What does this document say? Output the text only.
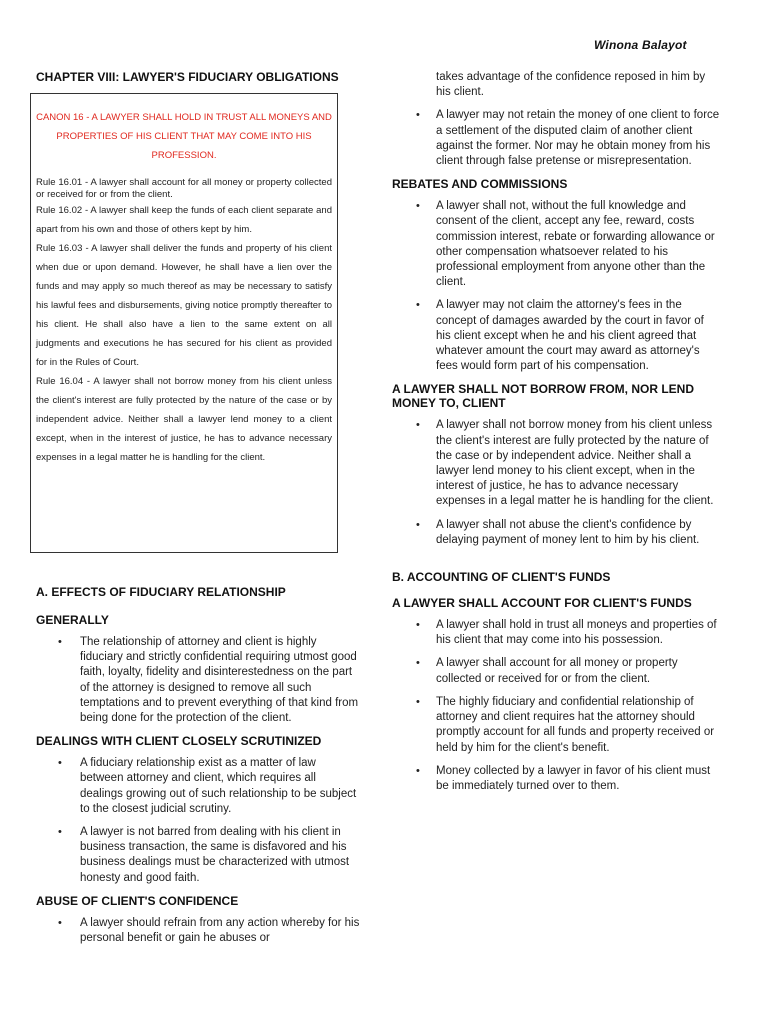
Winona Balayot
CHAPTER VIII: LAWYER'S FIDUCIARY OBLIGATIONS

CANON 16 - A LAWYER SHALL HOLD IN TRUST ALL MONEYS AND PROPERTIES OF HIS CLIENT THAT MAY COME INTO HIS PROFESSION.

Rule 16.01 - A lawyer shall account for all money or property collected or received for or from the client.

Rule 16.02 - A lawyer shall keep the funds of each client separate and apart from his own and those of others kept by him.

Rule 16.03 - A lawyer shall deliver the funds and property of his client when due or upon demand. However, he shall have a lien over the funds and may apply so much thereof as may be necessary to satisfy his lawful fees and disbursements, giving notice promptly thereafter to his client. He shall also have a lien to the same extent on all judgments and executions he has secured for his client as provided for in the Rules of Court.

Rule 16.04 - A lawyer shall not borrow money from his client unless the client's interest are fully protected by the nature of the case or by independent advice. Neither shall a lawyer lend money to a client except, when in the interest of justice, he has to advance necessary expenses in a legal matter he is handling for the client.

A. EFFECTS OF FIDUCIARY RELATIONSHIP
GENERALLY
• The relationship of attorney and client is highly fiduciary and strictly confidential requiring utmost good faith, loyalty, fidelity and disinterestedness on the part of the attorney is designed to remove all such temptations and to prevent everything of that kind from being done for the protection of the client.
DEALINGS WITH CLIENT CLOSELY SCRUTINIZED
• A fiduciary relationship exist as a matter of law between attorney and client, which requires all dealings growing out of such relationship to be subject to the closest judicial scrutiny.
• A lawyer is not barred from dealing with his client in business transaction, the same is disfavored and his business dealings must be characterized with utmost honesty and good faith.
ABUSE OF CLIENT'S CONFIDENCE
• A lawyer should refrain from any action whereby for his personal benefit or gain he abuses or
takes advantage of the confidence reposed in him by his client.
• A lawyer may not retain the money of one client to force a settlement of the disputed claim of another client against the former. Nor may he obtain money from his client through false pretense or misrepresentation.
REBATES AND COMMISSIONS
• A lawyer shall not, without the full knowledge and consent of the client, accept any fee, reward, costs commission interest, rebate or forwarding allowance or other compensation whatsoever related to his professional employment from anyone other than the client.
• A lawyer may not claim the attorney's fees in the concept of damages awarded by the court in favor of his client except when he and his client agreed that whatever amount the court may award as attorney's fees would form part of his compensation.
A LAWYER SHALL NOT BORROW FROM, NOR LEND MONEY TO, CLIENT
• A lawyer shall not borrow money from his client unless the client's interest are fully protected by the nature of the case or by independent advice. Neither shall a lawyer lend money to his client except, when in the interest of justice, he has to advance necessary expenses in a legal matter he is handling for the client.
• A lawyer shall not abuse the client's confidence by delaying payment of money lent to him by his client.
B. ACCOUNTING OF CLIENT'S FUNDS
A LAWYER SHALL ACCOUNT FOR CLIENT'S FUNDS
• A lawyer shall hold in trust all moneys and properties of his client that may come into his possession.
• A lawyer shall account for all money or property collected or received for or from the client.
• The highly fiduciary and confidential relationship of attorney and client requires hat the attorney should promptly account for all funds and property received or held by him for the client's benefit.
• Money collected by a lawyer in favor of his client must be immediately turned over to them.
